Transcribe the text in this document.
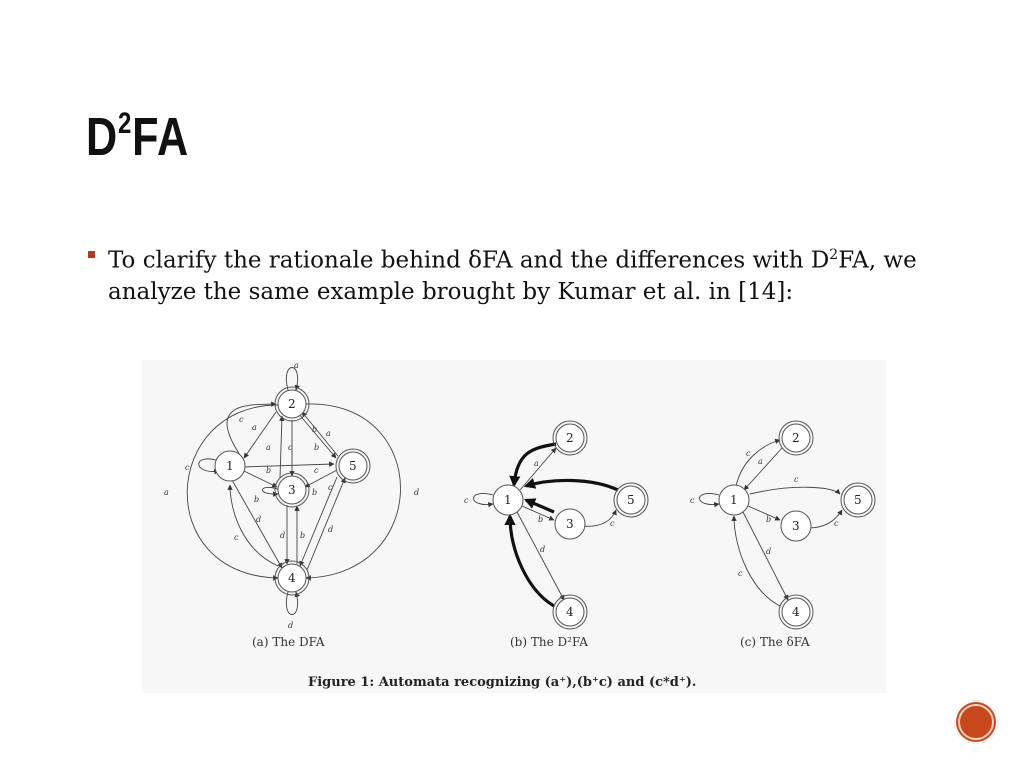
$D^2FA$
To clarify the rationale behind δFA and the differences with $D^2FA$, we analyze the same example brought by Kumar et al. in [14]:
a
c
a
a c	b
b a
c
a	d
b	c
b
b
c
d
c	d b
d
d
2
1
3
5
4
(a) The DFA
a
c
b
d
c
2
1
3
5
4
(b) The D²FA
c
a
c
c
b
d
c
c
2
1
3
5
4
(c) The δFA
Figure 1: Automata recognizing (a⁺),(b⁺c) and (c*d⁺).
